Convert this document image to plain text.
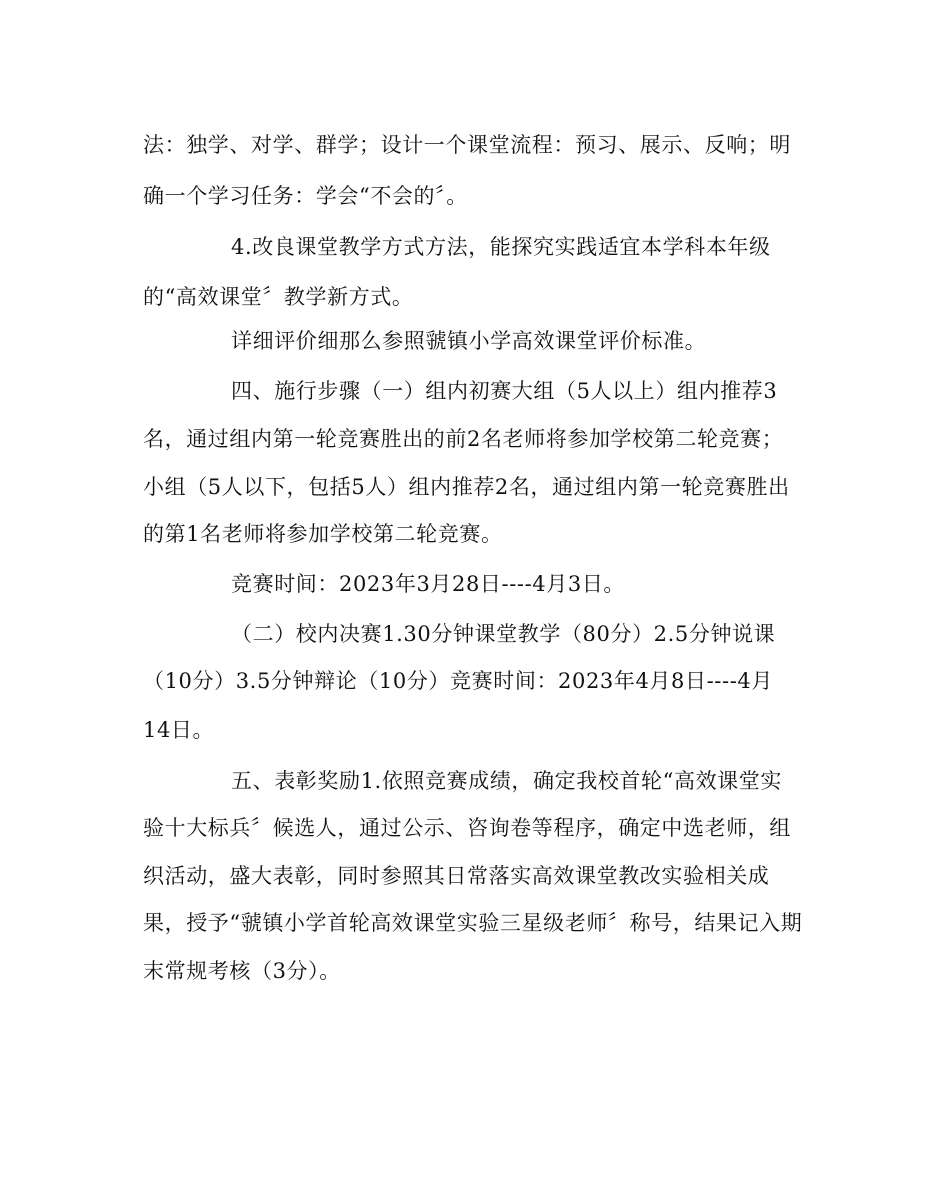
法：独学、对学、群学；设计一个课堂流程：预习、展示、反响；明
确一个学习任务：学会“不会的〞。
4.改良课堂教学方式方法，能探究实践适宜本学科本年级
的“高效课堂〞教学新方式。
详细评价细那么参照虢镇小学高效课堂评价标准。
四、施行步骤（一）组内初赛大组（5人以上）组内推荐3
名，通过组内第一轮竞赛胜出的前2名老师将参加学校第二轮竞赛；
小组（5人以下，包括5人）组内推荐2名，通过组内第一轮竞赛胜出
的第1名老师将参加学校第二轮竞赛。
竞赛时间：2023年3月28日----4月3日。
（二）校内决赛1.30分钟课堂教学（80分）2.5分钟说课
（10分）3.5分钟辩论（10分）竞赛时间：2023年4月8日----4月
14日。
五、表彰奖励1.依照竞赛成绩，确定我校首轮“高效课堂实
验十大标兵〞候选人，通过公示、咨询卷等程序，确定中选老师，组
织活动，盛大表彰，同时参照其日常落实高效课堂教改实验相关成
果，授予“虢镇小学首轮高效课堂实验三星级老师〞称号，结果记入期
末常规考核（3分）。
